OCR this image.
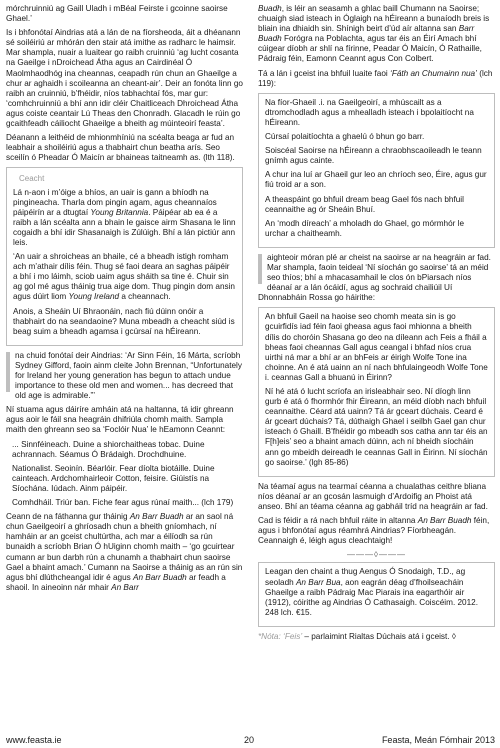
mórchruinniú ag Gaill Uladh i mBéal Feirste i gcoinne saoirse Ghael.’

Is i bhfonótaí Aindrias atá a lán de na fíorsheoda, áit a dhéanann sé soiléiriú ar mhórán den stair atá imithe as radharc le haimsir. Mar shampla, nuair a luaitear go raibh cruinniú ‘ag lucht cosanta na Gaeilge i nDroichead Átha agus an Cairdinéal Ó Maolmhaodhóg ina cheannas, ceapadh rún chun an Ghaeilge a chur ar aghaidh i scoileanna an cheant-air’. Deir an fonóta linn go raibh an cruinniú, b’fhéidir, níos tabhachtaí fós, mar gur: ‘comhchruinniú a bhí ann idir cléir Chaitliceach Dhroichead Átha agus coiste ceantair Lú Theas den Chonradh. Glacadh le rúin go gcaithfeadh cáiliocht Ghaeilge a bheith ag múinteoirí feasta’.

Déanann a leithéid de mhionmhíniú na scéalta beaga ar fud an leabhair a shoiléiriú agus a thabhairt chun beatha arís. Seo sceilín ó Pheadar Ó Maicín ar bhaineas taitneamh as. (lth 118).

Ceacht

Lá n-aon i m’óige a bhíos, an uair is gann a bhíodh na pingineacha. Tharla dom pingin agam, agus cheannaíos páipéirín ar a dtugtaí Young Britannia. Páipéar ab ea é a raibh a lán scéalta ann a bhain le gaisce airm Shasana le linn cogaidh a bhí idir Shasanaigh is Zúlúigh. Bhí a lán pictiúr ann leis.

‘An uair a shroicheas an bhaile, cé a bheadh istigh romham ach m’athair dílis féin. Thug sé faoi deara an saghas páipéir a bhí i mo láimh, sciob uaim agus sháith sa tine é. Chuir sin ag gol mé agus tháinig trua aige dom. Thug pingin dom ansin agus dúirt liom Young Ireland a cheannach.

Anois, a Sheáin Uí Bhraonáin, nach fiú dúinn onóir a thabhairt do na seandaoine? Muna mbeadh a cheacht siúd is beag suim a bheadh agamsa i gcúrsaí na hÉireann.

na chuid fonótaí deir Aindrias: ‘Ar Sinn Féin, 16 Márta, scríobh Sydney Gifford, faoin ainm cleite John Brennan, “Unfortunately for Ireland her young generation has begun to attach undue importance to these old men and women... has decreed that old age is admirable.”’

Ní stuama agus dáiríre amháin atá na haltanna, tá idir ghreann agus aoir le fáil sna heagráin dhifriúla chomh maith. Sampla maith den ghreann seo sa ‘Foclóir Nua’ le hEamonn Ceannt:

... Sinnféineach. Duine a shiorchaitheas tobac. Duine achrannach. Séamus Ó Brádaigh. Drochdhuine.

Nationalist. Seoinín. Béarlóir. Fear díolta biotáille. Duine cainteach. Ardchomhairleoir Cotton, feisire. Giúistís na Síochána. Iúdach. Ainm páipéir.

Comhdháil. Triúr ban. Fiche fear agus rúnaí maith... (lch 179)

Ceann de na fáthanna gur tháinig An Barr Buadh ar an saol ná chun Gaeilgeoirí a ghríosadh chun a bheith gníomhach, ní hamháin ar an gceist chultúrtha, ach mar a éilíodh sa rún bunaidh a scríobh Brian Ó hUiginn chomh maith – ‘go gcuirtear cumann ar bun darbh rún a chunamh a thabhairt chun saoirse Gael a bhaint amach.’ Cumann na Saoirse a tháinig as an rún sin agus bhí dlúthcheangal idir é agus An Barr Buadh ar feadh a shaoil. In aineoinn nár mhair An Barr

Buadh, is léir an seasamh a ghlac baill Chumann na Saoirse; chuaigh siad isteach in Óglaigh na hÉireann a bunaíodh breis is bliain ina dhiaidh sin. Shínigh beirt d’úd aír altanna san Barr Buadh Forógra na Poblachta, agus tar éis an Éirí Amach bhí cúigear díobh ar shlí na fírinne, Peadar Ó Maicín, Ó Rathaille, Pádraig féin, Eamonn Ceannt agus Con Colbert.

Tá a lán i gceist ina bhfuil luaite faoi ‘Fáth an Chumainn nua’ (lch 119):

Na fíor-Ghaeil .i. na Gaeilgeoirí, a mhúscailt as a dtromchodladh agus a mhealladh isteach i bpolaitíocht na hÉireann.

Cúrsaí polaitíochta a ghaelú ó bhun go barr.

Soiscéal Saoirse na hÉireann a chraobhscaoileadh le teann gnímh agus cainte.

A chur ina luí ar Ghaeil gur leo an chríoch seo, Éire, agus gur fiú troid ar a son.

A theaspáint go bhfuil dream beag Gael fós nach bhfuil ceannaithe ag ór Sheáin Bhuí.

An ‘modh díreach’ a mholadh do Ghael, go mórmhór le urchar a chaitheamh.

aighteoir móran plé ar cheist na saoirse ar na heagráin ar fad. Mar shampla, faoin teideal ‘Ní síochán go saoirse’ tá an méid seo thíos; bhí a mhacasamhail le clos ón bPiarsach níos déanaí ar a lán ócáidí, agus ag sochraid chailiúil Uí Dhonnabháin Rossa go háirithe:

An bhfuil Gaeil na haoise seo chomh meata sin is go gcuirfidís iad féin faoi gheasa agus faoi mhionna a bheith dílis do choróin Shasana go deo na díleann ach Feis a fháil a bheas faoi cheannas Gall agus ceangal i bhfad níos crua uirthi ná mar a bhí ar an bhFeis ar éirigh Wolfe Tone ina choinne. An é atá uainn an ní nach bhfulaingeodh Wolfe Tone i. ceannas Gall a bhuanú in Éirinn?

Ní hé atá ó lucht scríofa an irisleabhair seo. Ní díogh linn gurb é atá ó fhormhór fhir Éireann, an méid díobh nach bhfuil ceannaithe. Céard atá uainn? Tá ár gceart dúchais. Ceard é ár gceart dúchais? Tá, dúthaigh Ghael i seilbh Gael gan chur isteach ó Ghaill. B’fhéidir go mbeadh sos catha ann tar éis an F[h]eis’ seo a bhaint amach dúinn, ach ní bheidh síocháin ann go mbeidh deireadh le ceannas Gall in Éirinn. Ní síochán go saoirse.’ (lgh 85-86)

Na téamaí agus na tearmaí céanna a chualathas ceithre bliana níos déanaí ar an gcosán lasmuigh d’Ardoifig an Phoist atá anseo. Bhí an téama céanna ag gabháil tríd na heagráin ar fad.

Cad is féidir a rá nach bhfuil ráite in altanna An Barr Buadh féin, agus i bhfonótaí agus réamhrá Aindrias? Fíorbheagán. Ceannaigh é, léigh agus cleachtaigh!

———◊———

Leagan den chaint a thug Aengus Ó Snodaigh, T.D., ag seoladh An Barr Bua, aon eagrán déag d’fhoilseacháin Ghaeilge a raibh Pádraig Mac Piarais ina eagarthóir air (1912), cóirithe ag Aindrias Ó Cathasaigh. Coiscéim. 2012. 248 lch. €15.

*Nóta: ‘Feis’ – parlaimint Rialtas Dúchais atá i gceist. ◊

www.feasta.ie	20	Feasta, Meán Fómhair 2013
